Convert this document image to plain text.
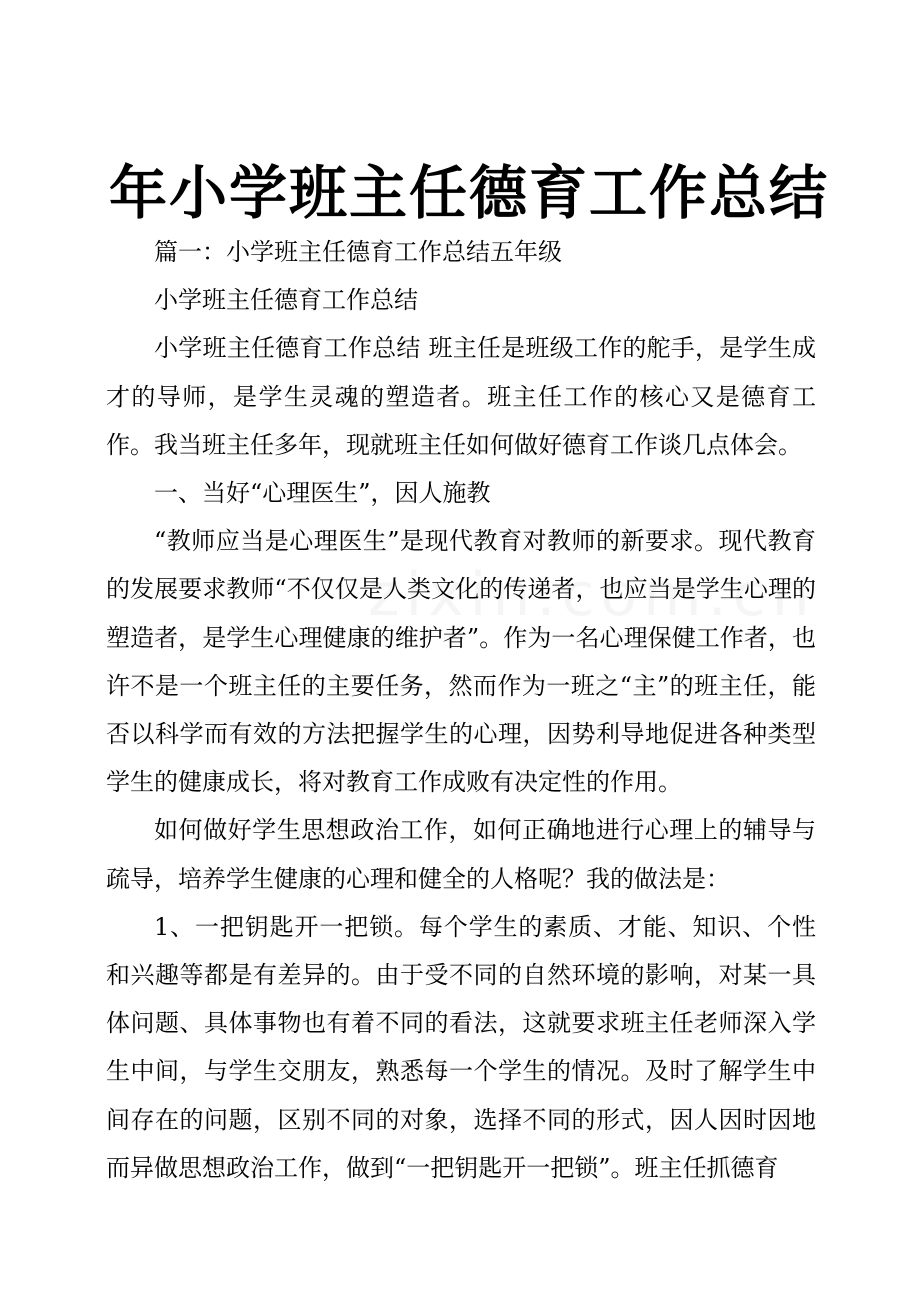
年小学班主任德育工作总结

篇一：小学班主任德育工作总结五年级

小学班主任德育工作总结

小学班主任德育工作总结 班主任是班级工作的舵手，是学生成才的导师，是学生灵魂的塑造者。班主任工作的核心又是德育工作。我当班主任多年，现就班主任如何做好德育工作谈几点体会。

一、当好“心理医生”，因人施教

“教师应当是心理医生”是现代教育对教师的新要求。现代教育的发展要求教师“不仅仅是人类文化的传递者，也应当是学生心理的塑造者，是学生心理健康的维护者”。作为一名心理保健工作者，也许不是一个班主任的主要任务，然而作为一班之“主”的班主任，能否以科学而有效的方法把握学生的心理，因势利导地促进各种类型学生的健康成长，将对教育工作成败有决定性的作用。

如何做好学生思想政治工作，如何正确地进行心理上的辅导与疏导，培养学生健康的心理和健全的人格呢？我的做法是：

1、一把钥匙开一把锁。每个学生的素质、才能、知识、个性和兴趣等都是有差异的。由于受不同的自然环境的影响，对某一具体问题、具体事物也有着不同的看法，这就要求班主任老师深入学生中间，与学生交朋友，熟悉每一个学生的情况。及时了解学生中间存在的问题，区别不同的对象，选择不同的形式，因人因时因地而异做思想政治工作，做到“一把钥匙开一把锁”。班主任抓德育
